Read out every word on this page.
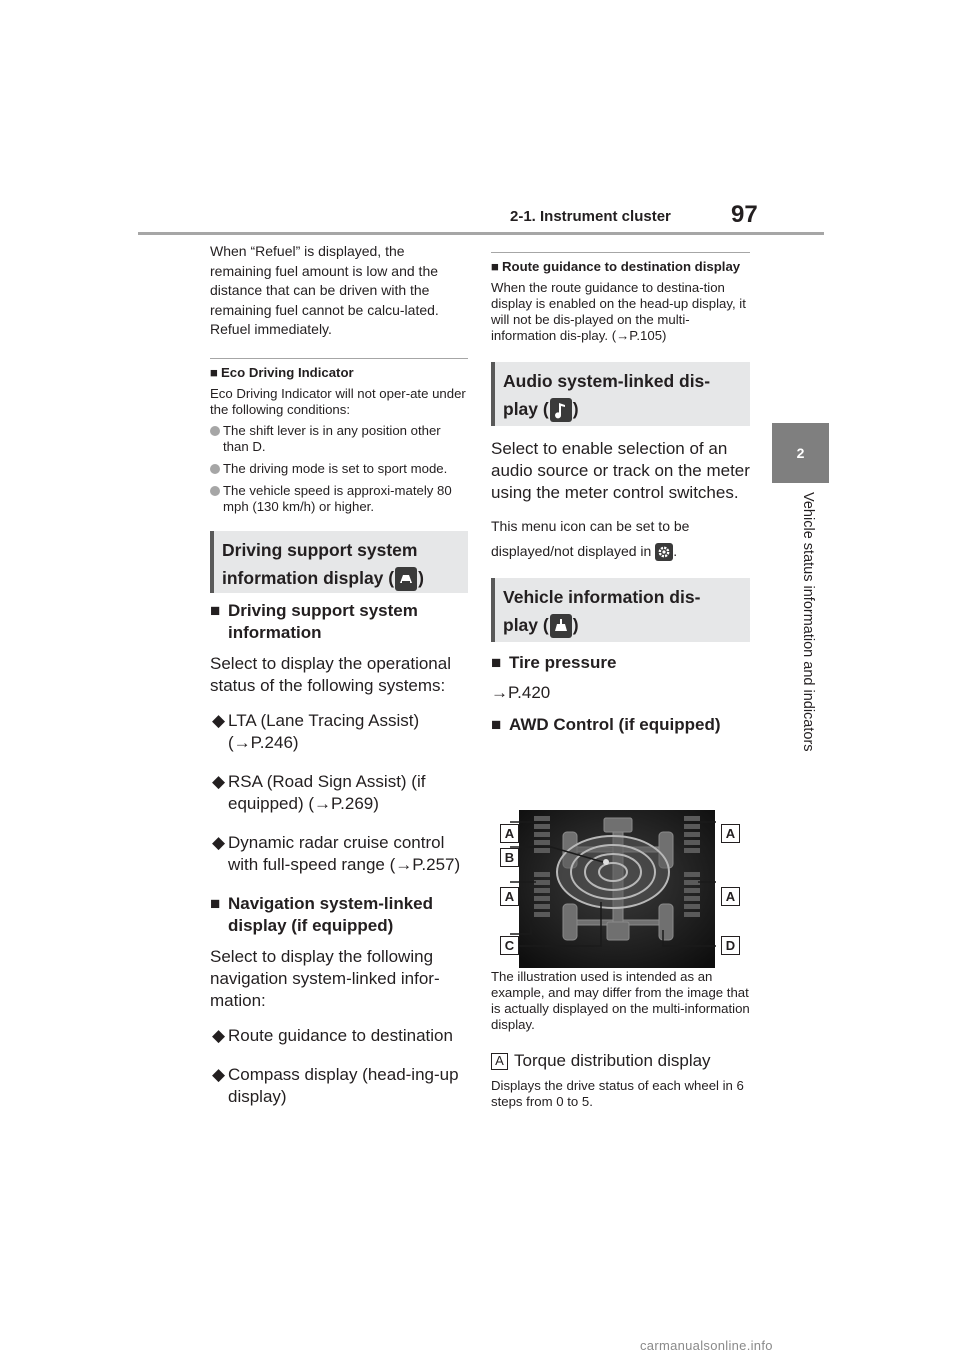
2-1. Instrument cluster	97
2
Vehicle status information and indicators
When “Refuel” is displayed, the remaining fuel amount is low and the distance that can be driven with the remaining fuel cannot be calcu-lated.
Refuel immediately.
■ Eco Driving Indicator
Eco Driving Indicator will not oper-ate under the following conditions:
The shift lever is in any position other than D.
The driving mode is set to sport mode.
The vehicle speed is approxi-mately 80 mph (130 km/h) or higher.
Driving support system
information display ( )
■ Driving support system information
Select to display the operational status of the following systems:
◆ LTA (Lane Tracing Assist) (→P.246)
◆ RSA (Road Sign Assist) (if equipped) (→P.269)
◆ Dynamic radar cruise control with full-speed range (→P.257)
■ Navigation system-linked display (if equipped)
Select to display the following navigation system-linked infor-mation:
◆ Route guidance to destination
◆ Compass display (head-ing-up display)
■ Route guidance to destination display
When the route guidance to destina-tion display is enabled on the head-up display, it will not be dis-played on the multi-information dis-play. (→P.105)
Audio system-linked dis-
play ( )
Select to enable selection of an audio source or track on the meter using the meter control switches.
This menu icon can be set to be displayed/not displayed in .
Vehicle information dis-
play ( )
■ Tire pressure
→P.420
■ AWD Control (if equipped)
A
B
A
C
A
A
D
The illustration used is intended as an example, and may differ from the image that is actually displayed on the multi-information display.
A Torque distribution display
Displays the drive status of each wheel in 6 steps from 0 to 5.
carmanualsonline.info
